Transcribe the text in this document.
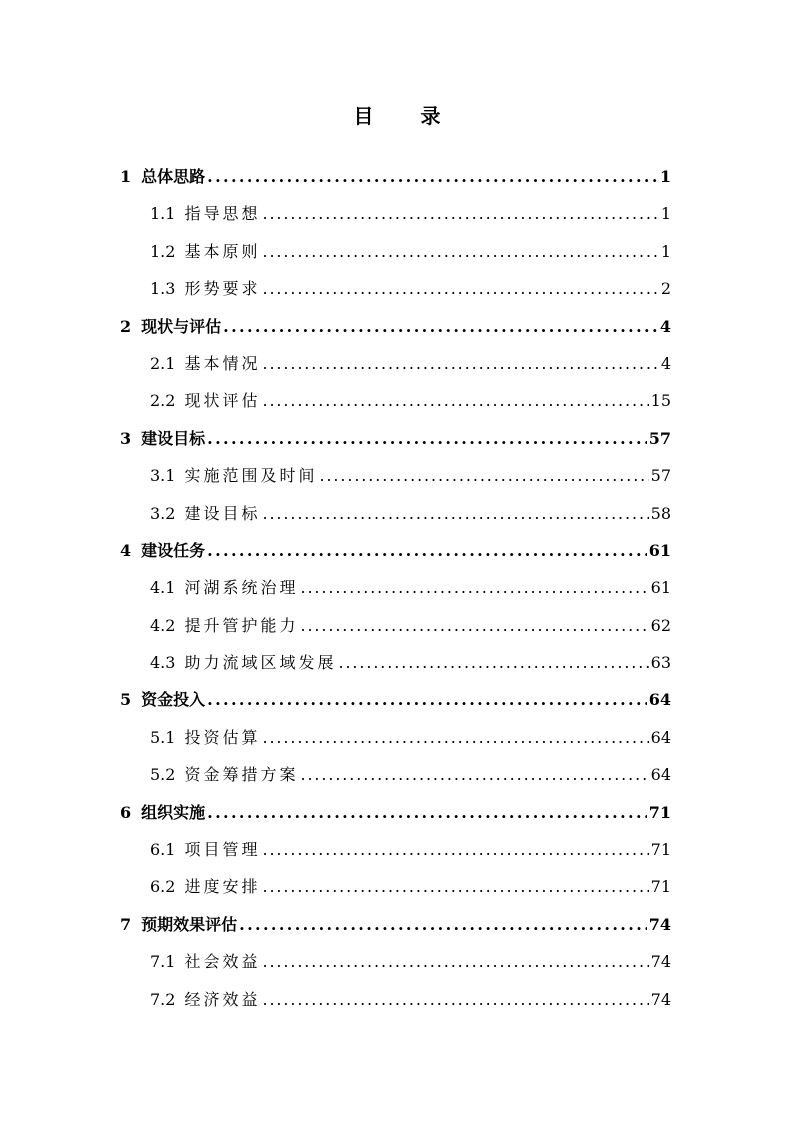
目 录
1 总体思路 . . .	1
1.1 指导思想 . . .	1
1.2 基本原则 . . .	1
1.3 形势要求 . . .	2
2 现状与评估 . . .	4
2.1 基本情况 . . .	4
2.2 现状评估 . . .	15
3 建设目标 . . .	57
3.1 实施范围及时间 . . .	57
3.2 建设目标 . . .	58
4 建设任务 . . .	61
4.1 河湖系统治理 . . .	61
4.2 提升管护能力 . . .	62
4.3 助力流域区域发展 . . .	63
5 资金投入 . . .	64
5.1 投资估算 . . .	64
5.2 资金筹措方案 . . .	64
6 组织实施 . . .	71
6.1 项目管理 . . .	71
6.2 进度安排 . . .	71
7 预期效果评估 . . .	74
7.1 社会效益 . . .	74
7.2 经济效益 . . .	74
